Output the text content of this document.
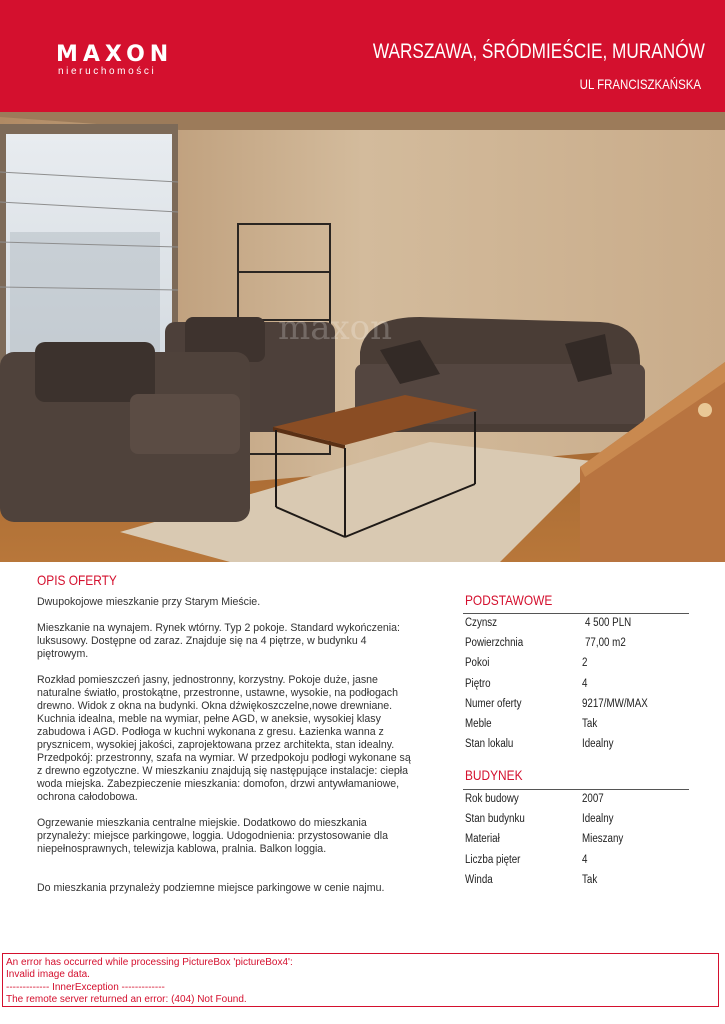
MAXON
nieruchomości
WARSZAWA, ŚRÓDMIEŚCIE, MURANÓW
UL FRANCISZKAŃSKA
maxon
OPIS OFERTY

Dwupokojowe mieszkanie przy Starym Mieście.

Mieszkanie na wynajem. Rynek wtórny. Typ 2 pokoje. Standard wykończenia:
luksusowy. Dostępne od zaraz. Znajduje się na 4 piętrze, w budynku 4
piętrowym.

Rozkład pomieszczeń jasny, jednostronny, korzystny. Pokoje duże, jasne
naturalne światło, prostokątne, przestronne, ustawne, wysokie, na podłogach
drewno. Widok z okna na budynki. Okna dźwiękoszczelne,nowe drewniane.
Kuchnia idealna, meble na wymiar, pełne AGD, w aneksie, wysokiej klasy
zabudowa i AGD. Podłoga w kuchni wykonana z gresu. Łazienka wanna z
prysznicem, wysokiej jakości, zaprojektowana przez architekta, stan idealny.
Przedpokój: przestronny, szafa na wymiar. W przedpokoju podłogi wykonane są
z drewno egzotyczne. W mieszkaniu znajdują się następujące instalacje: ciepła
woda miejska. Zabezpieczenie mieszkania: domofon, drzwi antywłamaniowe,
ochrona całodobowa.

Ogrzewanie mieszkania centralne miejskie. Dodatkowo do mieszkania
przynależy: miejsce parkingowe, loggia. Udogodnienia: przystosowanie dla
niepełnosprawnych, telewizja kablowa, pralnia. Balkon loggia.

Do mieszkania przynależy podziemne miejsce parkingowe w cenie najmu.

PODSTAWOWE
Czynsz	4 500 PLN
Powierzchnia	77,00 m2
Pokoi	2
Piętro	4
Numer oferty	9217/MW/MAX
Meble	Tak
Stan lokalu	Idealny
BUDYNEK
Rok budowy	2007
Stan budynku	Idealny
Materiał	Mieszany
Liczba pięter	4
Winda	Tak
An error has occurred while processing PictureBox 'pictureBox4':
Invalid image data.
------------- InnerException -------------
The remote server returned an error: (404) Not Found.
